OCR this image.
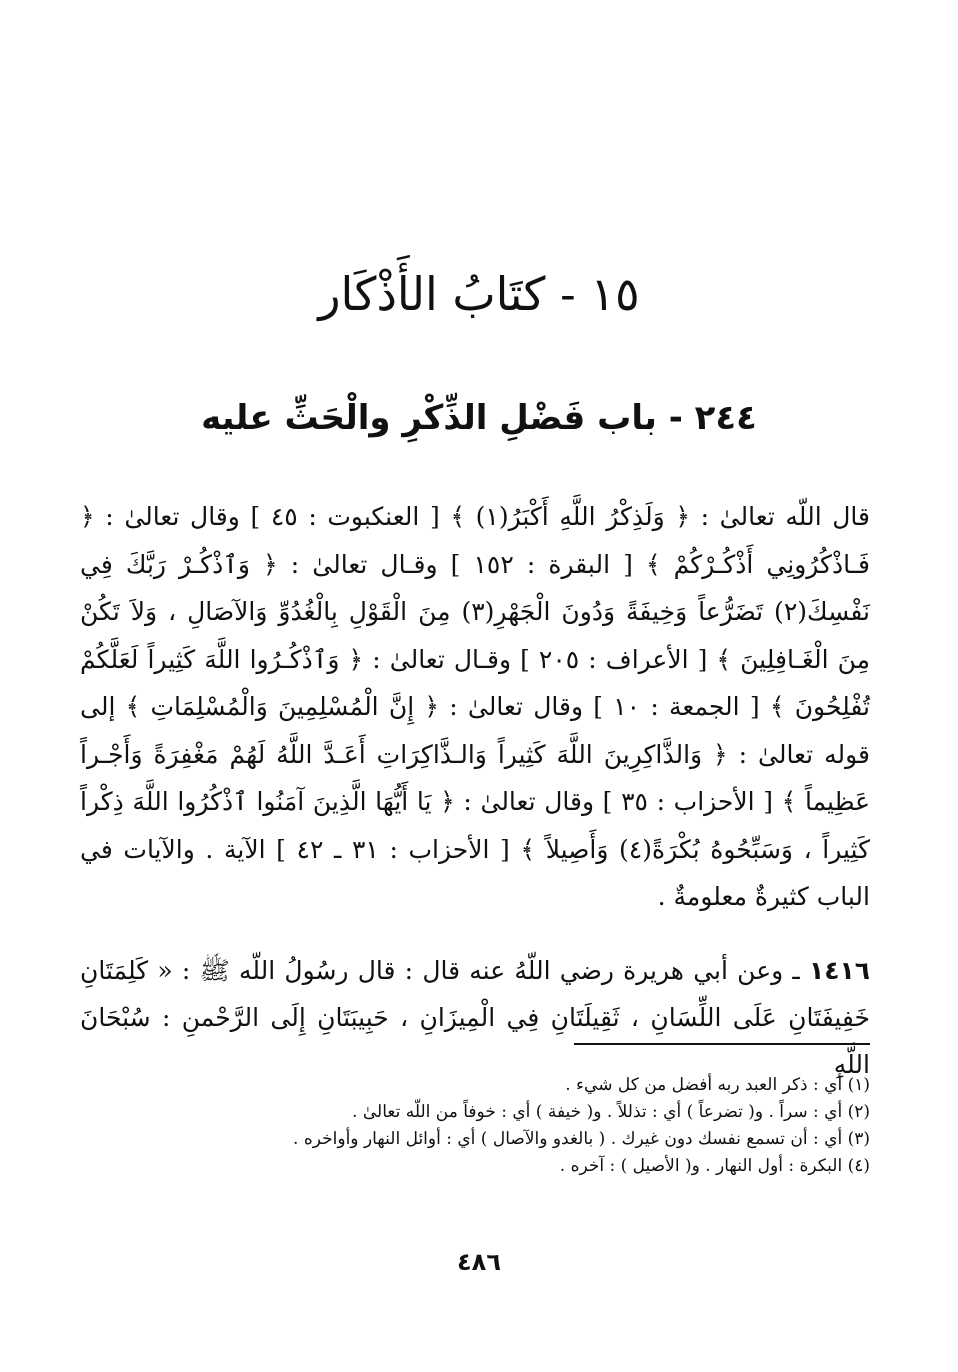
١٥ - كتَابُ الأَذْكَار
٢٤٤ - باب فَضْلِ الذِّكْرِ والْحَثِّ عليه

قال اللّه تعالىٰ : ﴿ وَلَذِكْرُ اللَّهِ أَكْبَرُ(١) ﴾ [ العنكبوت : ٤٥ ] وقال تعالىٰ : ﴿ فَـاذْكُرُونِي أَذْكُـرْكُمْ ﴾ [ البقرة : ١٥٢ ] وقـال تعالىٰ : ﴿ وَٱذْكُـرْ رَبَّكَ فِي نَفْسِكَ(٢) تَضَرُّعاً وَخِيفَةً وَدُونَ الْجَهْرِ(٣) مِنَ الْقَوْلِ بِالْغُدُوِّ وَالآصَالِ ، وَلاَ تَكُنْ مِنَ الْغَـافِلِينَ ﴾ [ الأعراف : ٢٠٥ ] وقـال تعالىٰ : ﴿ وَٱذْكُـرُوا اللَّهَ كَثِيراً لَعَلَّكُمْ تُفْلِحُونَ ﴾ [ الجمعة : ١٠ ] وقال تعالىٰ : ﴿ إِنَّ الْمُسْلِمِينَ وَالْمُسْلِمَاتِ ﴾ إلى قوله تعالىٰ : ﴿ وَالذَّاكِرِينَ اللَّهَ كَثِيراً وَالـذَّاكِرَاتِ أَعَـدَّ اللَّهُ لَهُمْ مَغْفِرَةً وَأَجْـراً عَظِيماً ﴾ [ الأحزاب : ٣٥ ] وقال تعالىٰ : ﴿ يَا أَيُّهَا الَّذِينَ آمَنُوا ٱذْكُرُوا اللَّهَ ذِكْراً كَثِيراً ، وَسَبِّحُوهُ بُكْرَةً(٤) وَأَصِيلاً ﴾ [ الأحزاب : ٣١ ـ ٤٢ ] الآية . والآيات في الباب كثيرةٌ معلومةٌ .

١٤١٦ ـ وعن أبي هريرة رضي اللّهُ عنه قال : قال رسُولُ اللّه ﷺ : « كَلِمَتَانِ خَفِيفَتَانِ عَلَى اللِّسَانِ ، ثَقِيلَتَانِ فِي الْمِيزَانِ ، حَبِيبَتَانِ إِلَى الرَّحْمنِ : سُبْحَانَ اللَّهِ

(١) أي : ذكر العبد ربه أفضل من كل شيء .
(٢) أي : سراً . و( تضرعاً ) أي : تذللاً . و( خيفة ) أي : خوفاً من اللّه تعالىٰ .
(٣) أي : أن تسمع نفسك دون غيرك . ( بالغدو والآصال ) أي : أوائل النهار وأواخره .
(٤) البكرة : أول النهار . و( الأصيل ) : آخره .
٤٨٦
